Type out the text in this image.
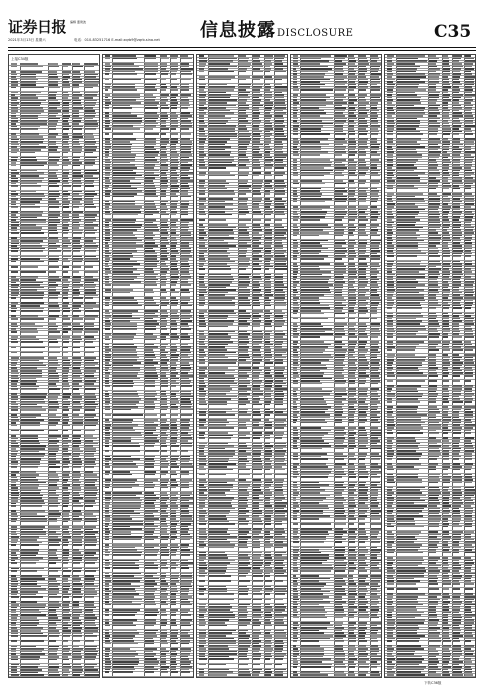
证券日报 编辑 董建波
2021年3月13日 星期六	电话：010-83251716 E-mail:zqrb9@zqrb.sina.net 信息披露DISCLOSURE	C35
上接C34版
下转C36版
